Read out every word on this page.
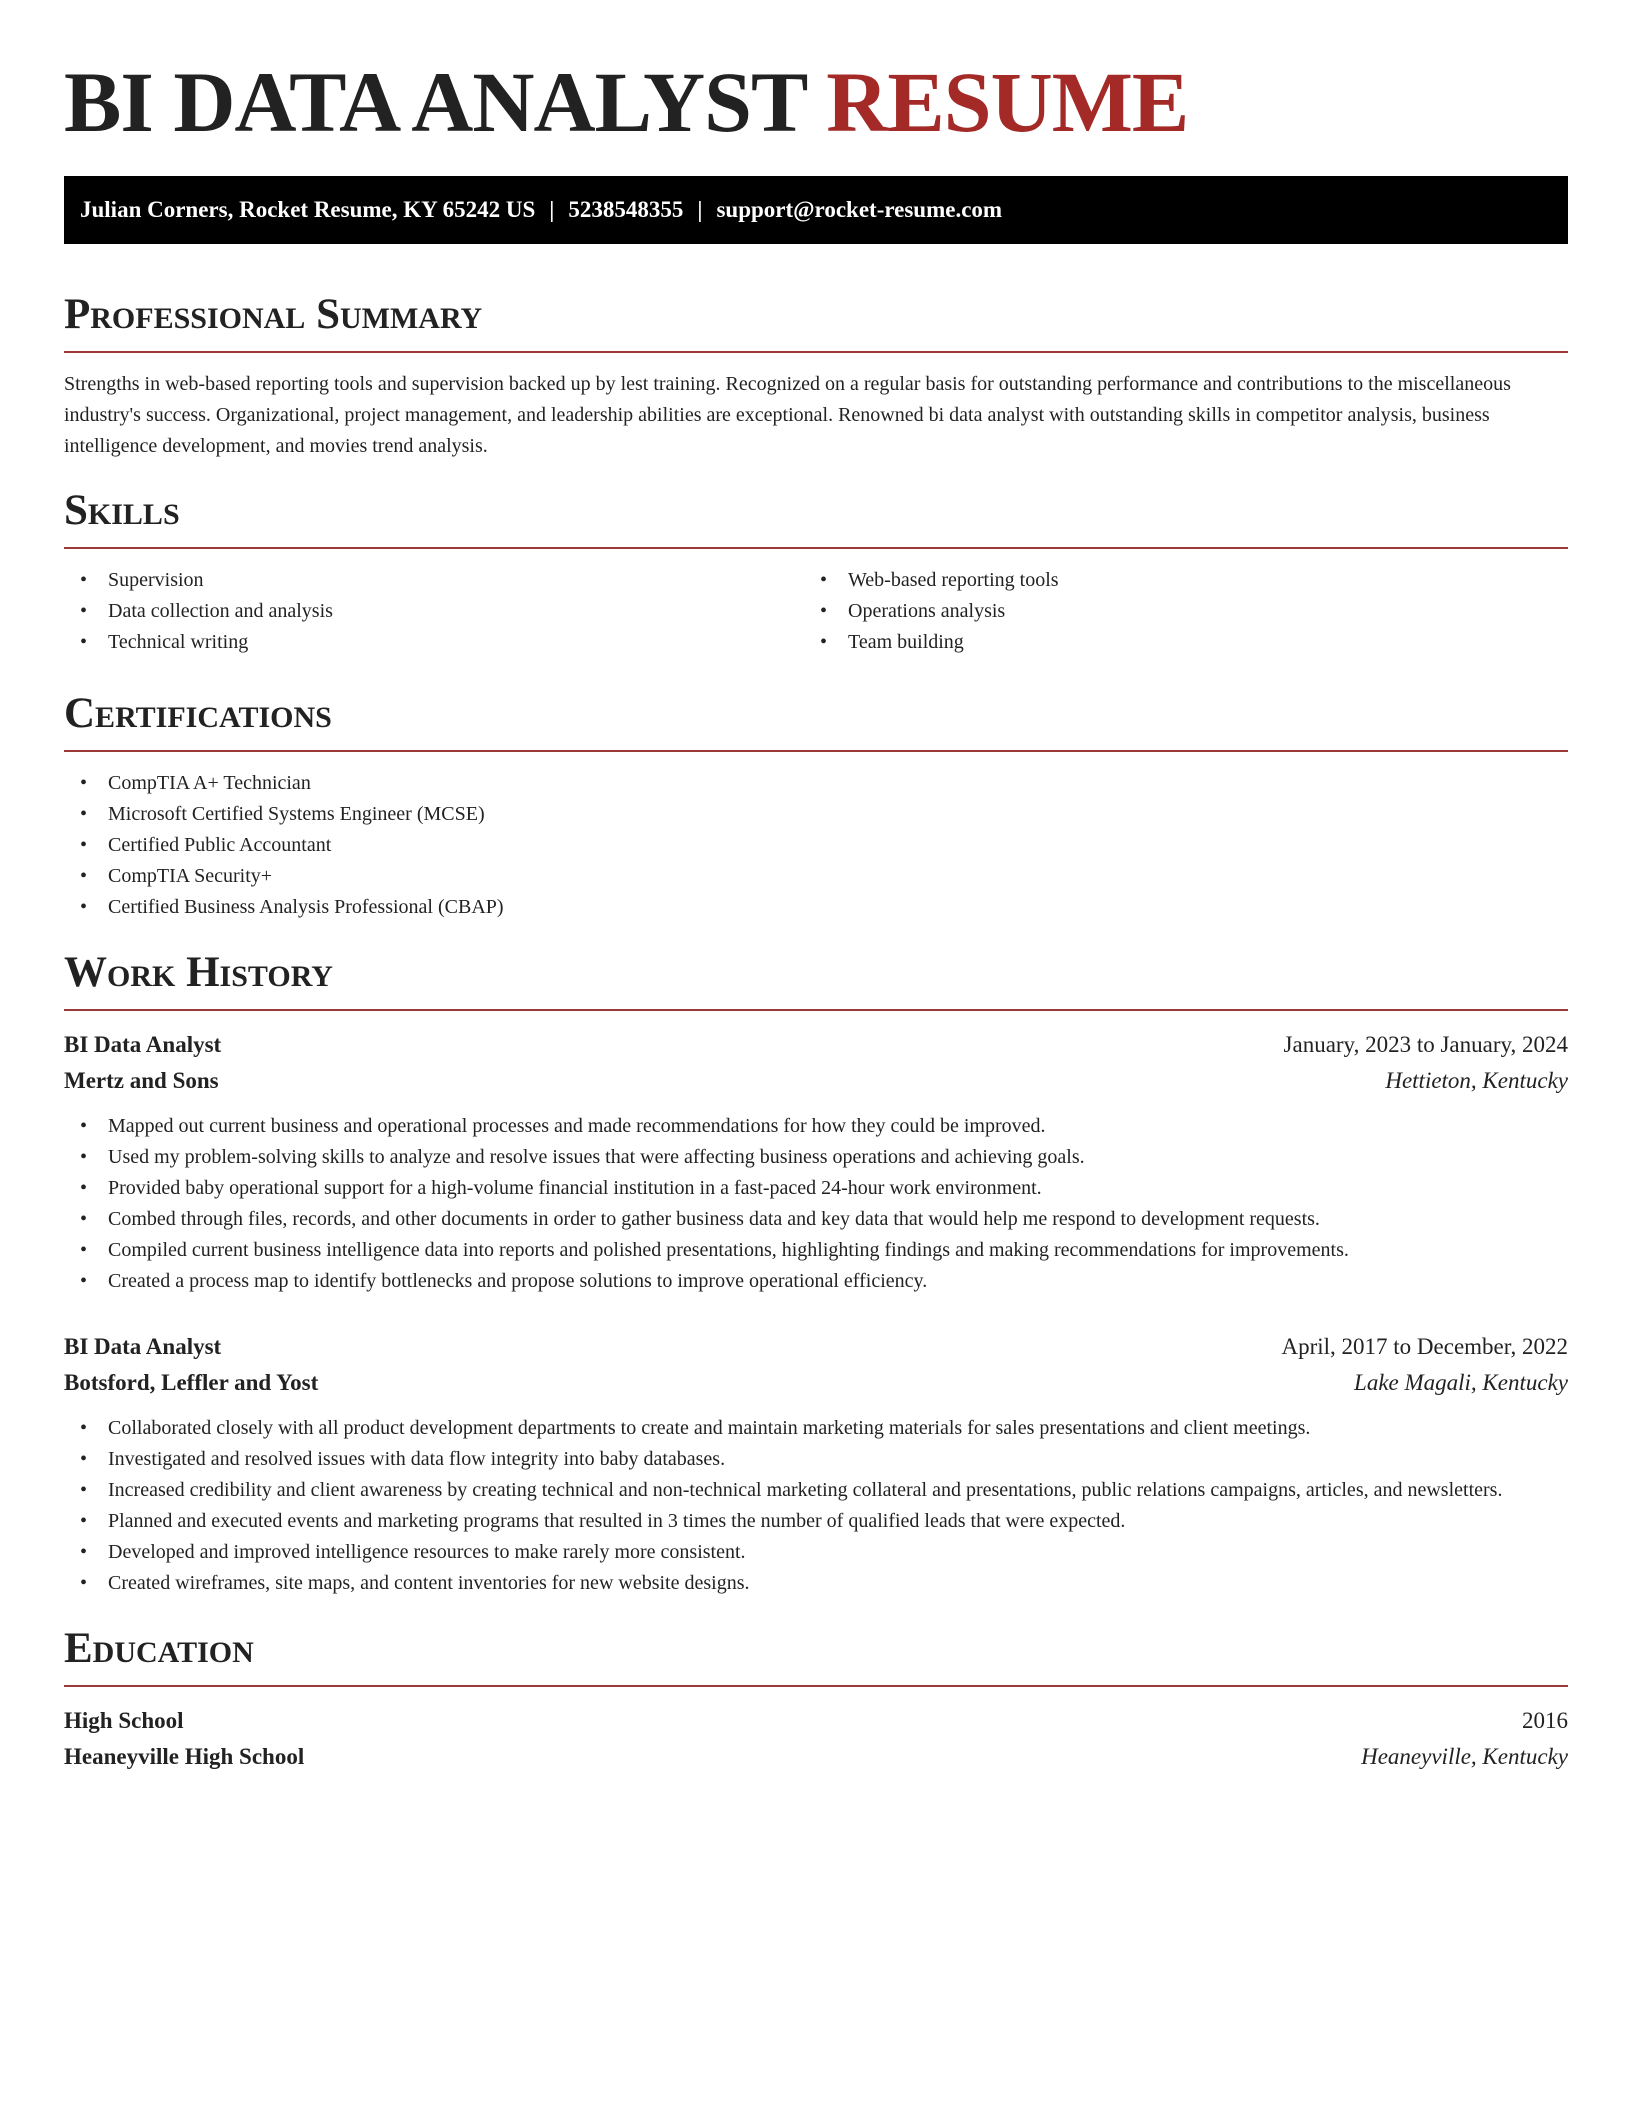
BI DATA ANALYST RESUME
Julian Corners, Rocket Resume, KY 65242 US | 5238548355 | support@rocket-resume.com
Professional Summary

Strengths in web-based reporting tools and supervision backed up by lest training. Recognized on a regular basis for outstanding performance and contributions to the miscellaneous industry's success. Organizational, project management, and leadership abilities are exceptional. Renowned bi data analyst with outstanding skills in competitor analysis, business intelligence development, and movies trend analysis.

Skills
• Supervision
• Data collection and analysis
• Technical writing
• Web-based reporting tools
• Operations analysis
• Team building
Certifications
• CompTIA A+ Technician
• Microsoft Certified Systems Engineer (MCSE)
• Certified Public Accountant
• CompTIA Security+
• Certified Business Analysis Professional (CBAP)
Work History
BI Data Analyst	January, 2023 to January, 2024
Mertz and Sons	Hettieton, Kentucky
• Mapped out current business and operational processes and made recommendations for how they could be improved.
• Used my problem-solving skills to analyze and resolve issues that were affecting business operations and achieving goals.
• Provided baby operational support for a high-volume financial institution in a fast-paced 24-hour work environment.
• Combed through files, records, and other documents in order to gather business data and key data that would help me respond to development requests.
• Compiled current business intelligence data into reports and polished presentations, highlighting findings and making recommendations for improvements.
• Created a process map to identify bottlenecks and propose solutions to improve operational efficiency.
BI Data Analyst	April, 2017 to December, 2022
Botsford, Leffler and Yost	Lake Magali, Kentucky
• Collaborated closely with all product development departments to create and maintain marketing materials for sales presentations and client meetings.
• Investigated and resolved issues with data flow integrity into baby databases.
• Increased credibility and client awareness by creating technical and non-technical marketing collateral and presentations, public relations campaigns, articles, and newsletters.
• Planned and executed events and marketing programs that resulted in 3 times the number of qualified leads that were expected.
• Developed and improved intelligence resources to make rarely more consistent.
• Created wireframes, site maps, and content inventories for new website designs.
Education
High School	2016
Heaneyville High School	Heaneyville, Kentucky
